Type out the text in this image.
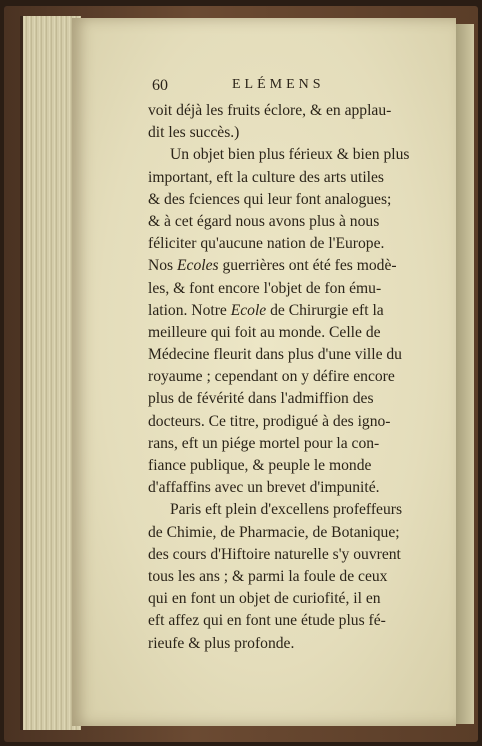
60	ELÉMENS
voit déjà les fruits éclore, & en applau-
dit les succès.)
Un objet bien plus férieux & bien plus
important, eft la culture des arts utiles
& des fciences qui leur font analogues;
& à cet égard nous avons plus à nous
féliciter qu'aucune nation de l'Europe.
Nos Ecoles guerrières ont été fes modè-
les, & font encore l'objet de fon ému-
lation. Notre Ecole de Chirurgie eft la
meilleure qui foit au monde. Celle de
Médecine fleurit dans plus d'une ville du
royaume ; cependant on y défire encore
plus de févérité dans l'admiffion des
docteurs. Ce titre, prodigué à des igno-
rans, eft un piége mortel pour la con-
fiance publique, & peuple le monde
d'affaffins avec un brevet d'impunité.
Paris eft plein d'excellens profeffeurs
de Chimie, de Pharmacie, de Botanique;
des cours d'Hiftoire naturelle s'y ouvrent
tous les ans ; & parmi la foule de ceux
qui en font un objet de curiofité, il en
eft affez qui en font une étude plus fé-
rieufe & plus profonde.
